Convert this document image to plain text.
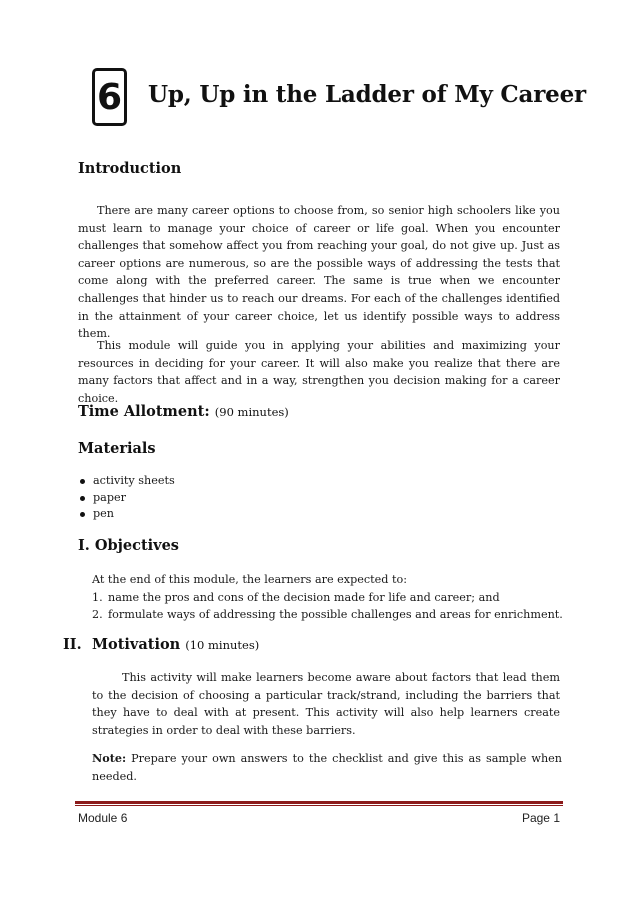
6 Up, Up in the Ladder of My Career
Introduction
There are many career options to choose from, so senior high schoolers like you must learn to manage your choice of career or life goal. When you encounter challenges that somehow affect you from reaching your goal, do not give up. Just as career options are numerous, so are the possible ways of addressing the tests that come along with the preferred career. The same is true when we encounter challenges that hinder us to reach our dreams. For each of the challenges identified in the attainment of your career choice, let us identify possible ways to address them.
This module will guide you in applying your abilities and maximizing your resources in deciding for your career. It will also make you realize that there are many factors that affect and in a way, strengthen you decision making for a career choice.
Time Allotment: (90 minutes)
Materials
activity sheets
paper
pen
I. Objectives
At the end of this module, the learners are expected to:
1. name the pros and cons of the decision made for life and career; and
2. formulate ways of addressing the possible challenges and areas for enrichment.
II. Motivation (10 minutes)
This activity will make learners become aware about factors that lead them to the decision of choosing a particular track/strand, including the barriers that they have to deal with at present. This activity will also help learners create strategies in order to deal with these barriers.
Note: Prepare your own answers to the checklist and give this as sample when needed.
Module 6	Page 1
